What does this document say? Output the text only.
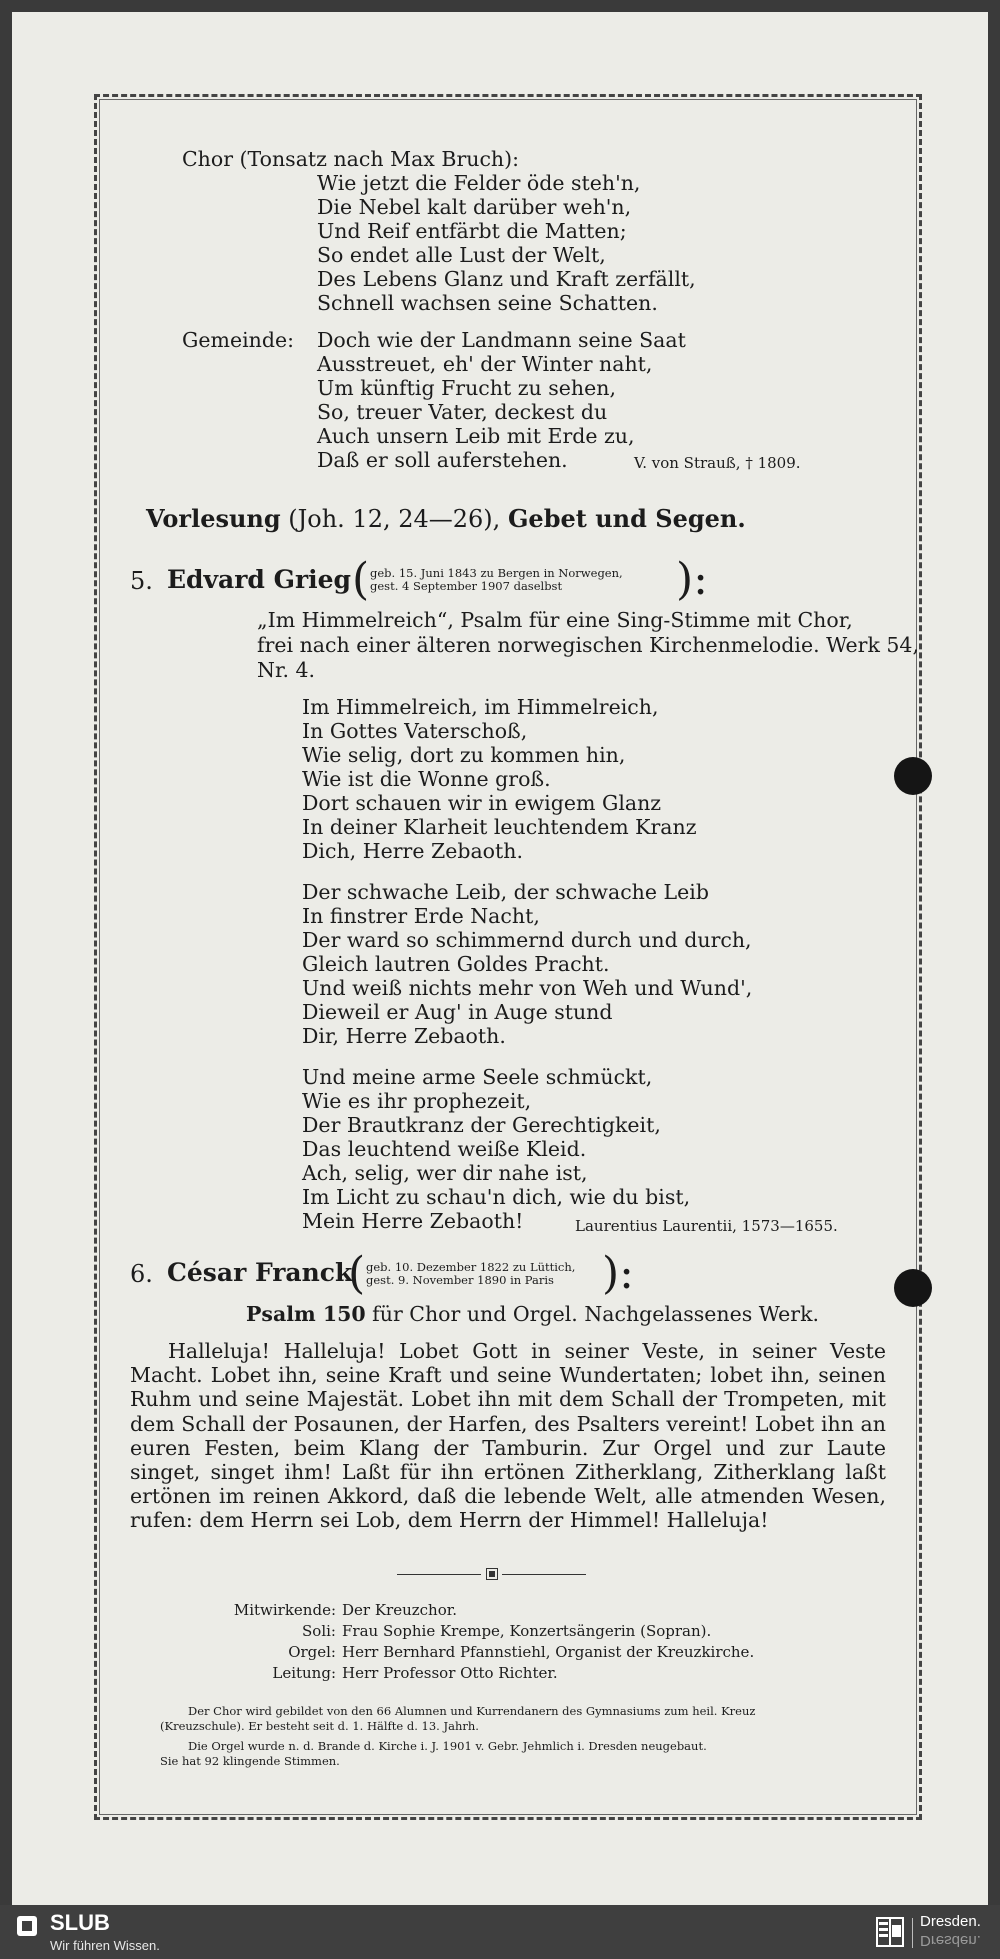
Chor (Tonsatz nach Max Bruch):
Wie jetzt die Felder öde steh'n,
Die Nebel kalt darüber weh'n,
Und Reif entfärbt die Matten;
So endet alle Lust der Welt,
Des Lebens Glanz und Kraft zerfällt,
Schnell wachsen seine Schatten.
Gemeinde: Doch wie der Landmann seine Saat
Ausstreuet, eh' der Winter naht,
Um künftig Frucht zu sehen,
So, treuer Vater, deckest du
Auch unsern Leib mit Erde zu,
Daß er soll auferstehen.	V. von Strauß, † 1809.
Vorlesung (Joh. 12, 24—26), Gebet und Segen.
5. Edvard Grieg ( geb. 15. Juni 1843 zu Bergen in Norwegen,
gest. 4 September 1907 daselbst	):
„Im Himmelreich“, Psalm für eine Sing-Stimme mit Chor,
frei nach einer älteren norwegischen Kirchenmelodie. Werk 54,
Nr. 4.
Im Himmelreich, im Himmelreich,
In Gottes Vaterschoß,
Wie selig, dort zu kommen hin,
Wie ist die Wonne groß.
Dort schauen wir in ewigem Glanz
In deiner Klarheit leuchtendem Kranz
Dich, Herre Zebaoth.
Der schwache Leib, der schwache Leib
In finstrer Erde Nacht,
Der ward so schimmernd durch und durch,
Gleich lautren Goldes Pracht.
Und weiß nichts mehr von Weh und Wund',
Dieweil er Aug' in Auge stund
Dir, Herre Zebaoth.
Und meine arme Seele schmückt,
Wie es ihr prophezeit,
Der Brautkranz der Gerechtigkeit,
Das leuchtend weiße Kleid.
Ach, selig, wer dir nahe ist,
Im Licht zu schau'n dich, wie du bist,
Mein Herre Zebaoth!	Laurentius Laurentii, 1573—1655.
6. César Franck
( geb. 10. Dezember 1822 zu Lüttich,
gest. 9. November 1890 in Paris	):
Psalm 150 für Chor und Orgel. Nachgelassenes Werk.
Halleluja! Halleluja! Lobet Gott in seiner Veste, in seiner Veste Macht. Lobet ihn, seine Kraft und seine Wundertaten; lobet ihn, seinen Ruhm und seine Majestät. Lobet ihn mit dem Schall der Trompeten, mit dem Schall der Posaunen, der Harfen, des Psalters vereint! Lobet ihn an euren Festen, beim Klang der Tamburin. Zur Orgel und zur Laute singet, singet ihm! Laßt für ihn ertönen Zitherklang, Zitherklang laßt ertönen im reinen Akkord, daß die lebende Welt, alle atmenden Wesen, rufen: dem Herrn sei Lob, dem Herrn der Himmel! Halleluja!
Mitwirkende: Der Kreuzchor.
Soli: Frau Sophie Krempe, Konzertsängerin (Sopran).
Orgel: Herr Bernhard Pfannstiehl, Organist der Kreuzkirche.
Leitung: Herr Professor Otto Richter.
Der Chor wird gebildet von den 66 Alumnen und Kurrendanern des Gymnasiums zum heil. Kreuz
(Kreuzschule). Er besteht seit d. 1. Hälfte d. 13. Jahrh.
Die Orgel wurde n. d. Brande d. Kirche i. J. 1901 v. Gebr. Jehmlich i. Dresden neugebaut.
Sie hat 92 klingende Stimmen.
SLUB
Wir führen Wissen.
Dresden.
Dresden.
